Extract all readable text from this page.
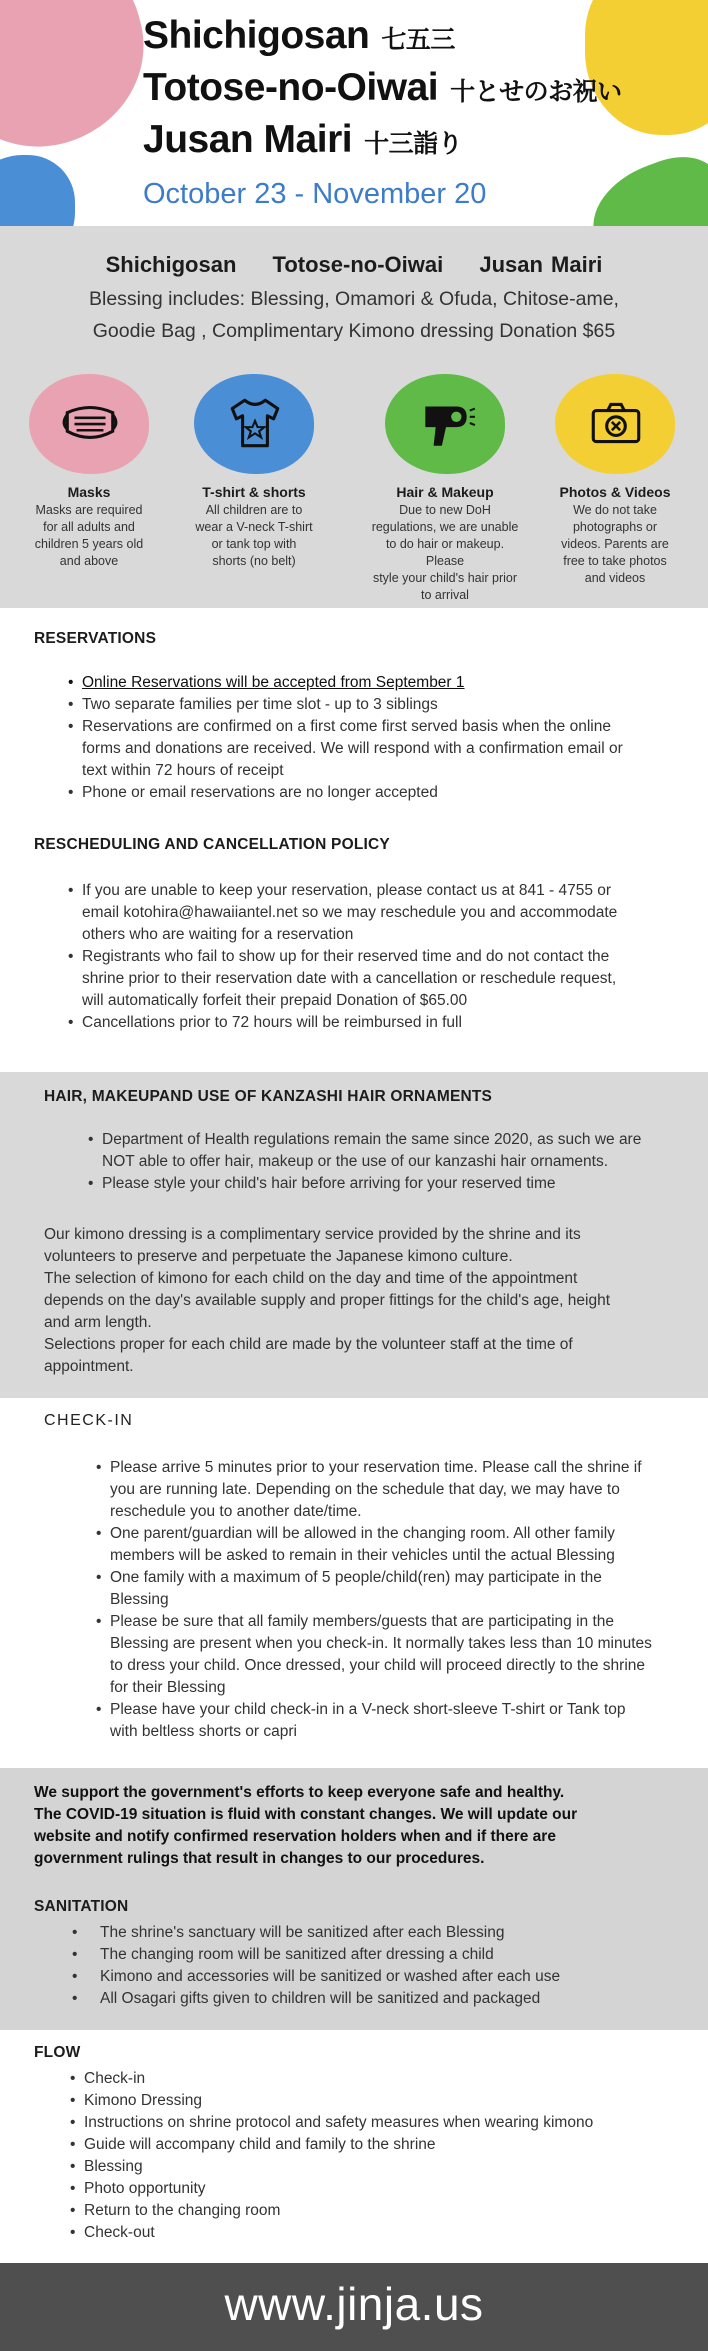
Shichigosan 七五三
Totose-no-Oiwai 十とせのお祝い
Jusan Mairi 十三詣り
October 23 - November 20
Shichigosan Totose-no-Oiwai Jusan Mairi
Blessing includes: Blessing, Omamori & Ofuda, Chitose-ame,
Goodie Bag , Complimentary Kimono dressing Donation $65
Masks
Masks are required
for all adults and
children 5 years old
and above
T-shirt & shorts
All children are to
wear a V-neck T-shirt
or tank top with
shorts (no belt)
Hair & Makeup
Due to new DoH
regulations, we are unable
to do hair or makeup. Please
style your child's hair prior
to arrival
Photos & Videos
We do not take
photographs or
videos. Parents are
free to take photos
and videos
RESERVATIONS
• Online Reservations will be accepted from September 1
• Two separate families per time slot - up to 3 siblings
• Reservations are confirmed on a first come first served basis when the online
forms and donations are received. We will respond with a confirmation email or
text within 72 hours of receipt
• Phone or email reservations are no longer accepted
RESCHEDULING AND CANCELLATION POLICY
• If you are unable to keep your reservation, please contact us at 841 - 4755 or
email kotohira@hawaiiantel.net so we may reschedule you and accommodate
others who are waiting for a reservation
• Registrants who fail to show up for their reserved time and do not contact the
shrine prior to their reservation date with a cancellation or reschedule request,
will automatically forfeit their prepaid Donation of $65.00
• Cancellations prior to 72 hours will be reimbursed in full
HAIR, MAKEUPAND USE OF KANZASHI HAIR ORNAMENTS
• Department of Health regulations remain the same since 2020, as such we are
NOT able to offer hair, makeup or the use of our kanzashi hair ornaments.
• Please style your child's hair before arriving for your reserved time
Our kimono dressing is a complimentary service provided by the shrine and its
volunteers to preserve and perpetuate the Japanese kimono culture.
The selection of kimono for each child on the day and time of the appointment
depends on the day's available supply and proper fittings for the child's age, height
and arm length.
Selections proper for each child are made by the volunteer staff at the time of
appointment.
CHECK-IN
• Please arrive 5 minutes prior to your reservation time. Please call the shrine if
you are running late. Depending on the schedule that day, we may have to
reschedule you to another date/time.
• One parent/guardian will be allowed in the changing room. All other family
members will be asked to remain in their vehicles until the actual Blessing
• One family with a maximum of 5 people/child(ren) may participate in the
Blessing
• Please be sure that all family members/guests that are participating in the
Blessing are present when you check-in. It normally takes less than 10 minutes
to dress your child. Once dressed, your child will proceed directly to the shrine
for their Blessing
• Please have your child check-in in a V-neck short-sleeve T-shirt or Tank top
with beltless shorts or capri
We support the government's efforts to keep everyone safe and healthy.
The COVID-19 situation is fluid with constant changes. We will update our
website and notify confirmed reservation holders when and if there are
government rulings that result in changes to our procedures.
SANITATION
• The shrine's sanctuary will be sanitized after each Blessing
• The changing room will be sanitized after dressing a child
• Kimono and accessories will be sanitized or washed after each use
• All Osagari gifts given to children will be sanitized and packaged
FLOW
• Check-in
• Kimono Dressing
• Instructions on shrine protocol and safety measures when wearing kimono
• Guide will accompany child and family to the shrine
• Blessing
• Photo opportunity
• Return to the changing room
• Check-out
www.jinja.us
